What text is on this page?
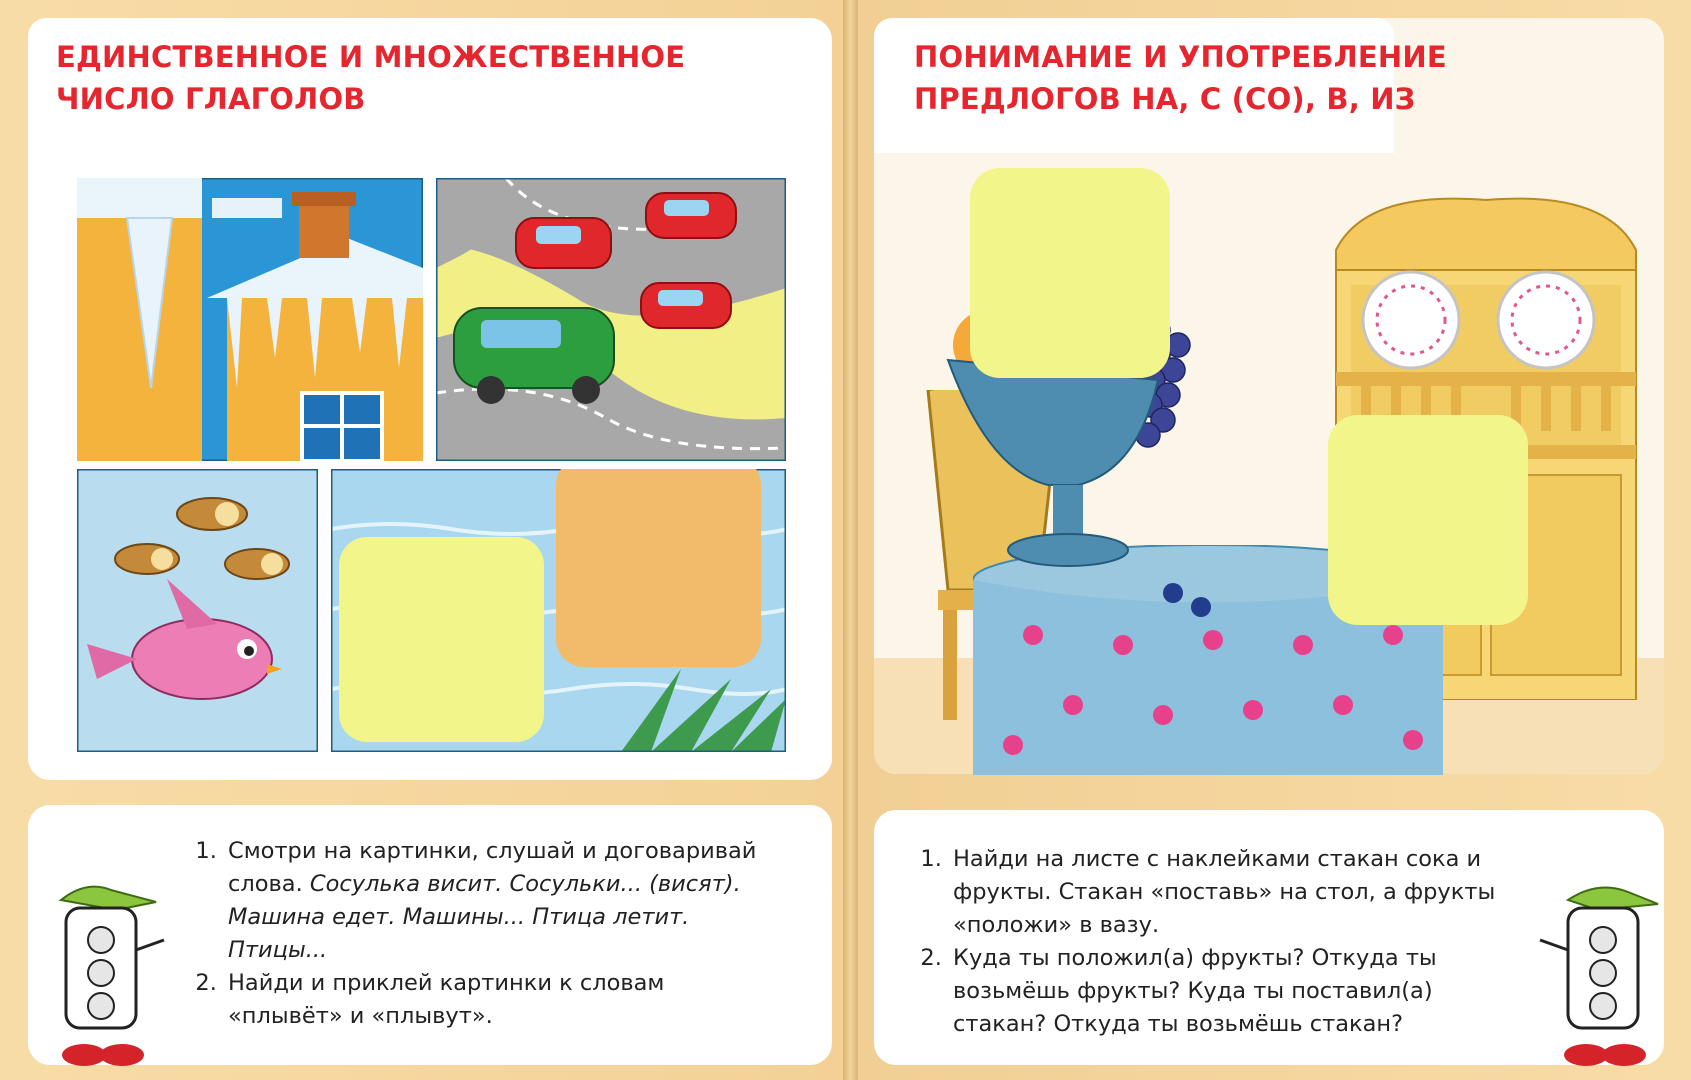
ЕДИНСТВЕННОЕ И МНОЖЕСТВЕННОЕ
ЧИСЛО ГЛАГОЛОВ
1. Смотри на картинки, слушай и договаривай слова. Сосулька висит. Сосульки... (висят). Машина едет. Машины... Птица летит. Птицы...
2. Найди и приклей картинки к словам «плывёт» и «плывут».
ПОНИМАНИЕ И УПОТРЕБЛЕНИЕ
ПРЕДЛОГОВ НА, С (СО), В, ИЗ
1. Найди на листе с наклейками стакан сока и фрукты. Стакан «поставь» на стол, а фрукты «положи» в вазу.
2. Куда ты положил(а) фрукты? Откуда ты возьмёшь фрукты? Куда ты поставил(а) стакан? Откуда ты возьмёшь стакан?
